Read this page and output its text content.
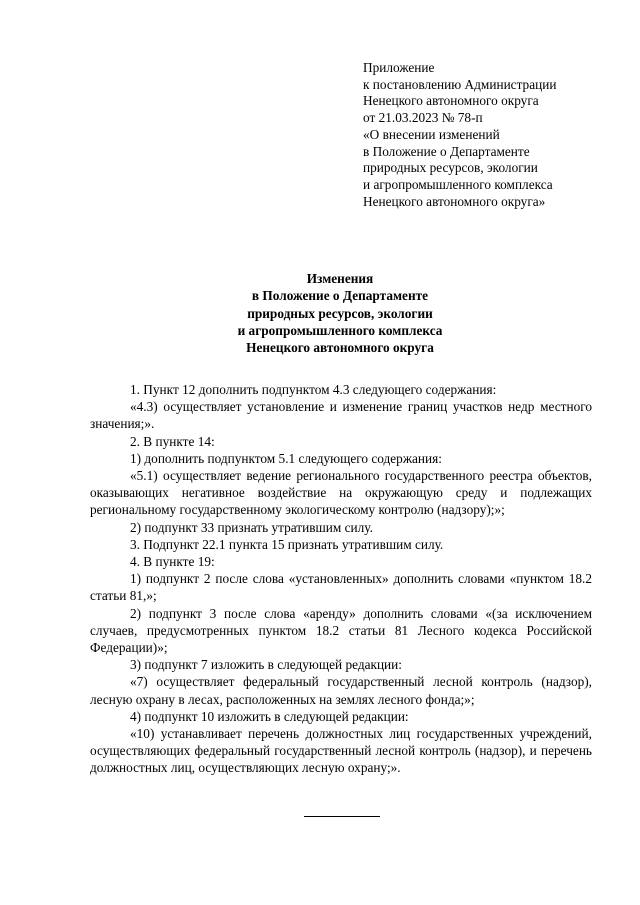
Приложение
к постановлению Администрации
Ненецкого автономного округа
от 21.03.2023 № 78-п
«О внесении изменений
в Положение о Департаменте
природных ресурсов, экологии
и агропромышленного комплекса
Ненецкого автономного округа»
Изменения
в Положение о Департаменте
природных ресурсов, экологии
и агропромышленного комплекса
Ненецкого автономного округа

1. Пункт 12 дополнить подпунктом 4.3 следующего содержания:

«4.3) осуществляет установление и изменение границ участков недр местного значения;».

2. В пункте 14:

1) дополнить подпунктом 5.1 следующего содержания:

«5.1) осуществляет ведение регионального государственного реестра объектов, оказывающих негативное воздействие на окружающую среду и подлежащих региональному государственному экологическому контролю (надзору);»;

2) подпункт 33 признать утратившим силу.

3. Подпункт 22.1 пункта 15 признать утратившим силу.

4. В пункте 19:

1) подпункт 2 после слова «установленных» дополнить словами «пунктом 18.2 статьи 81,»;

2) подпункт 3 после слова «аренду» дополнить словами «(за исключением случаев, предусмотренных пунктом 18.2 статьи 81 Лесного кодекса Российской Федерации)»;

3) подпункт 7 изложить в следующей редакции:

«7) осуществляет федеральный государственный лесной контроль (надзор), лесную охрану в лесах, расположенных на землях лесного фонда;»;

4) подпункт 10 изложить в следующей редакции:

«10) устанавливает перечень должностных лиц государственных учреждений, осуществляющих федеральный государственный лесной контроль (надзор), и перечень должностных лиц, осуществляющих лесную охрану;».
